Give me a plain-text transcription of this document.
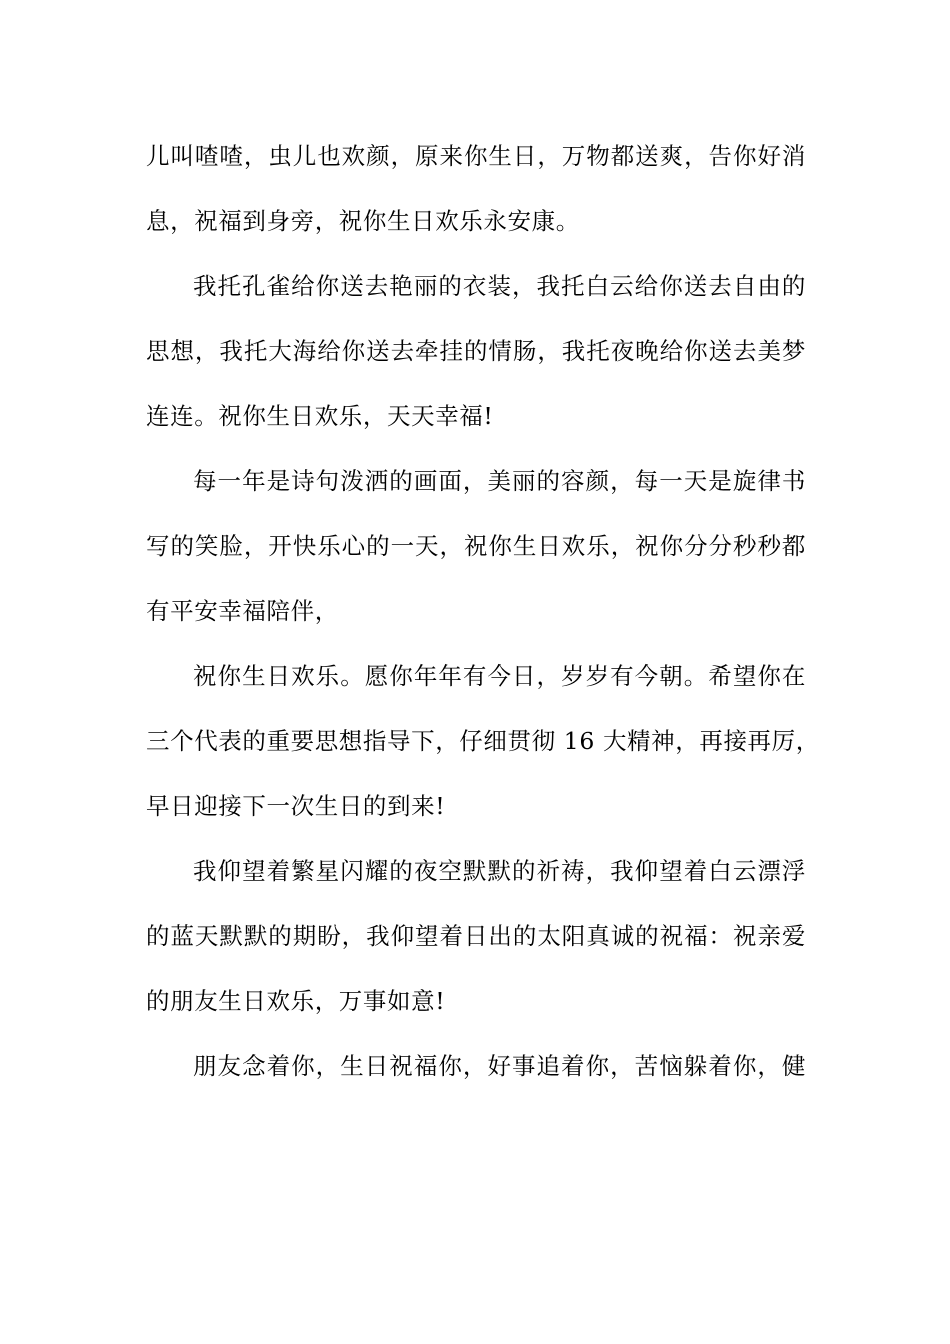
儿叫喳喳，虫儿也欢颜，原来你生日，万物都送爽，告你好消
息，祝福到身旁，祝你生日欢乐永安康。

我托孔雀给你送去艳丽的衣装，我托白云给你送去自由的
思想，我托大海给你送去牵挂的情肠，我托夜晚给你送去美梦
连连。祝你生日欢乐，天天幸福!

每一年是诗句泼洒的画面，美丽的容颜，每一天是旋律书
写的笑脸，开快乐心的一天，祝你生日欢乐，祝你分分秒秒都
有平安幸福陪伴，

祝你生日欢乐。愿你年年有今日，岁岁有今朝。希望你在
三个代表的重要思想指导下，仔细贯彻 16 大精神，再接再厉，
早日迎接下一次生日的到来!

我仰望着繁星闪耀的夜空默默的祈祷，我仰望着白云漂浮
的蓝天默默的期盼，我仰望着日出的太阳真诚的祝福：祝亲爱
的朋友生日欢乐，万事如意!

朋友念着你，生日祝福你，好事追着你，苦恼躲着你，健
